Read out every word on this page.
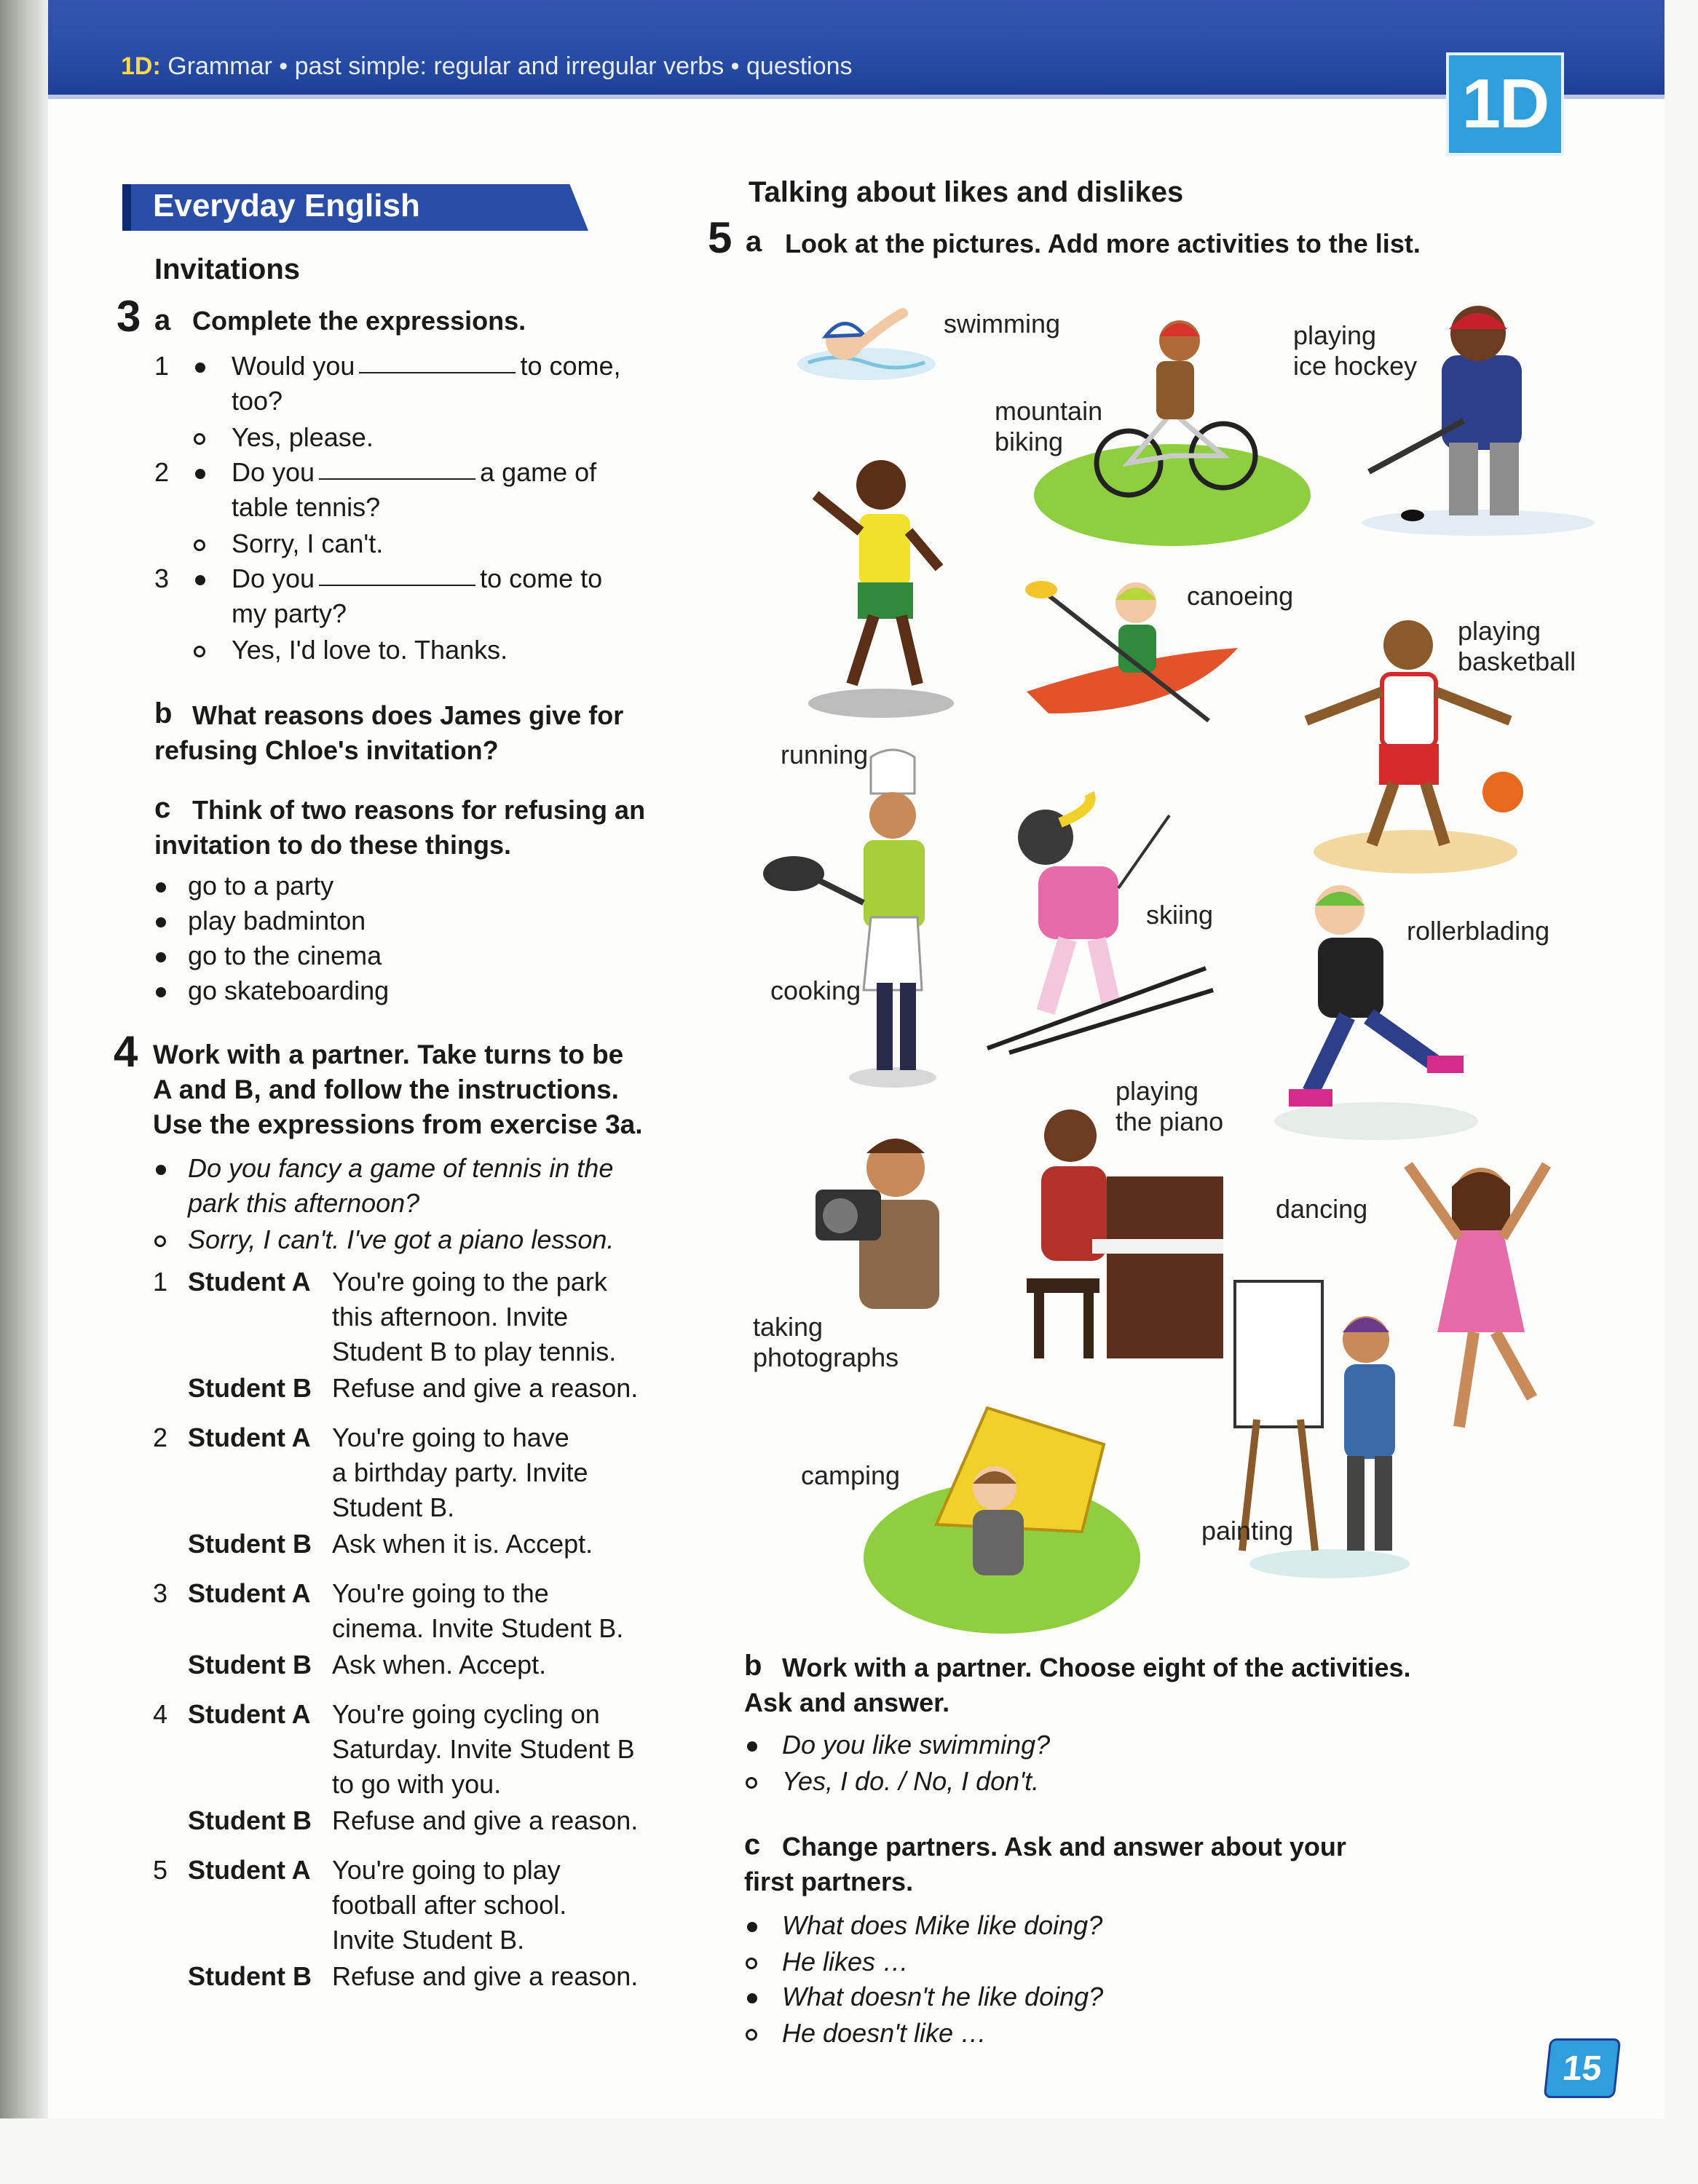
1D: Grammar • past simple: regular and irregular verbs • questions	1D
Everyday English
Invitations
3 a Complete the expressions.
1 Would you	to come,
too?
Yes, please.
2 Do you	a game of
table tennis?
Sorry, I can't.
3 Do you	to come to
my party?
Yes, I'd love to. Thanks.
b What reasons does James give for
refusing Chloe's invitation?
c Think of two reasons for refusing an
invitation to do these things.
go to a party
play badminton
go to the cinema
go skateboarding
4 Work with a partner. Take turns to be
A and B, and follow the instructions.
Use the expressions from exercise 3a.
Do you fancy a game of tennis in the
park this afternoon?
Sorry, I can't. I've got a piano lesson.
1 Student A You're going to the park
this afternoon. Invite
Student B to play tennis.
Student B Refuse and give a reason.
2 Student A You're going to have
a birthday party. Invite
Student B.
Student B Ask when it is. Accept.
3 Student A You're going to the
cinema. Invite Student B.
Student B Ask when. Accept.
4 Student A You're going cycling on
Saturday. Invite Student B
to go with you.
Student B Refuse and give a reason.
5 Student A You're going to play
football after school.
Invite Student B.
Student B Refuse and give a reason.
Talking about likes and dislikes
5 a Look at the pictures. Add more activities to the list.
swimming
mountain
biking
playing
ice hockey
running
canoeing
playing
basketball
cooking
skiing
rollerblading
taking
photographs
playing
the piano
dancing
painting
camping
b Work with a partner. Choose eight of the activities.
Ask and answer.
Do you like swimming?
Yes, I do. / No, I don't.
c Change partners. Ask and answer about your
first partners.
What does Mike like doing?
He likes …
What doesn't he like doing?
He doesn't like …
15
